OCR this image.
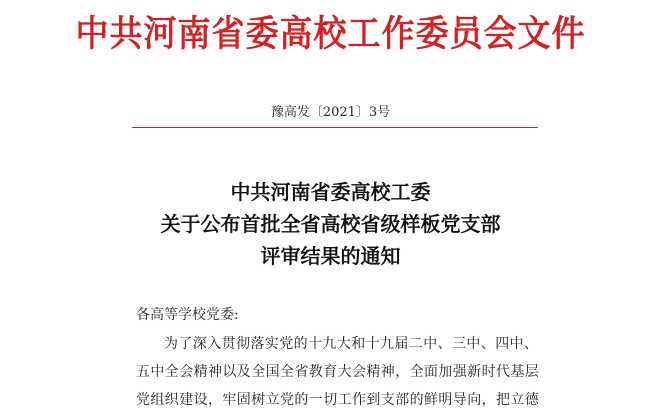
中共河南省委高校工作委员会文件
豫高发〔2021〕3号
中共河南省委高校工委
关于公布首批全省高校省级样板党支部
评审结果的通知
各高等学校党委:
为了深入贯彻落实党的十九大和十九届二中、三中、四中、
五中全会精神以及全国全省教育大会精神，全面加强新时代基层
党组织建设，牢固树立党的一切工作到支部的鲜明导向，把立德
